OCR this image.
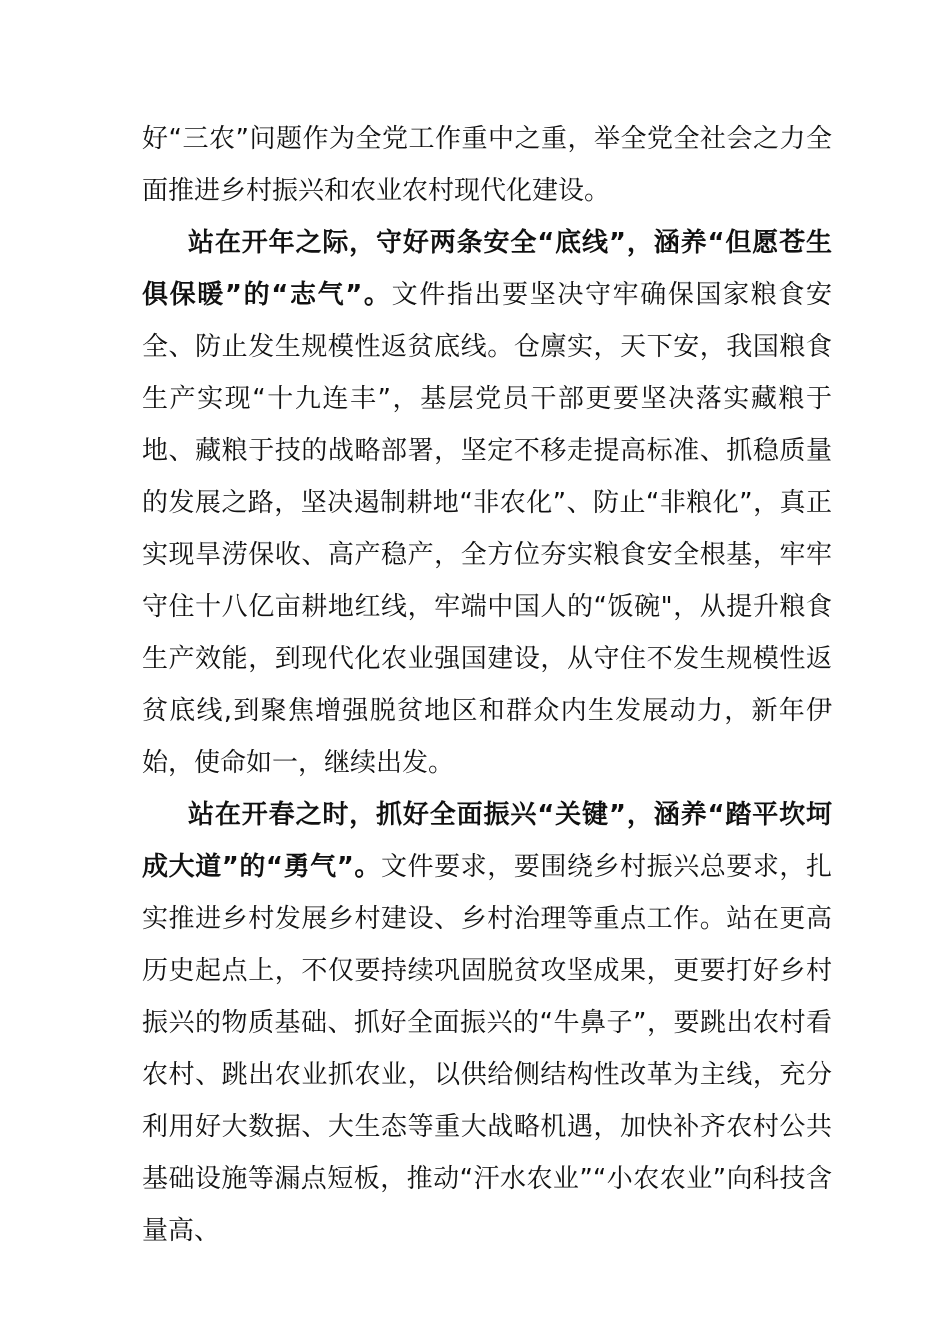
好“三农”问题作为全党工作重中之重，举全党全社会之力全面推进乡村振兴和农业农村现代化建设。

站在开年之际，守好两条安全“底线”，涵养“但愿苍生俱保暖”的“志气”。文件指出要坚决守牢确保国家粮食安全、防止发生规模性返贫底线。仓廪实，天下安，我国粮食生产实现“十九连丰”，基层党员干部更要坚决落实藏粮于地、藏粮于技的战略部署，坚定不移走提高标准、抓稳质量的发展之路，坚决遏制耕地“非农化”、防止“非粮化”，真正实现旱涝保收、高产稳产，全方位夯实粮食安全根基，牢牢守住十八亿亩耕地红线，牢端中国人的“饭碗"，从提升粮食生产效能，到现代化农业强国建设，从守住不发生规模性返贫底线,到聚焦增强脱贫地区和群众内生发展动力，新年伊始，使命如一，继续出发。

站在开春之时，抓好全面振兴“关键”，涵养“踏平坎坷成大道”的“勇气”。文件要求，要围绕乡村振兴总要求，扎实推进乡村发展乡村建设、乡村治理等重点工作。站在更高历史起点上，不仅要持续巩固脱贫攻坚成果，更要打好乡村振兴的物质基础、抓好全面振兴的“牛鼻子”，要跳出农村看农村、跳出农业抓农业，以供给侧结构性改革为主线，充分利用好大数据、大生态等重大战略机遇，加快补齐农村公共基础设施等漏点短板，推动“汗水农业”“小农农业”向科技含量高、
